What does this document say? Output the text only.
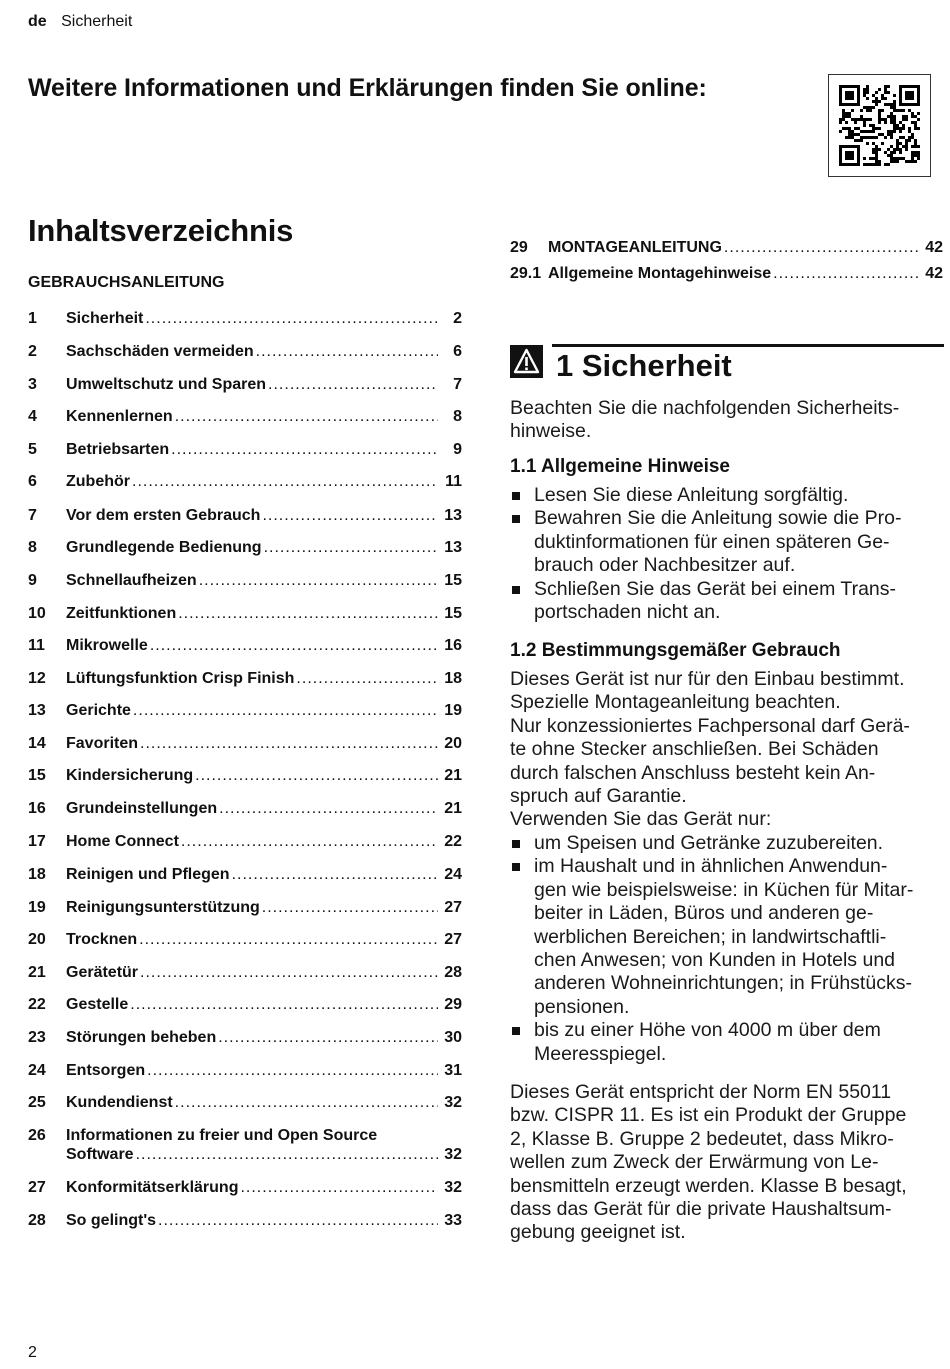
de Sicherheit
Weitere Informationen und Erklärungen finden Sie online:
Inhaltsverzeichnis
GEBRAUCHSANLEITUNG
1	Sicherheit .....	2
2	Sachschäden vermeiden .....	6
3	Umweltschutz und Sparen .....	7
4	Kennenlernen .....	8
5	Betriebsarten .....	9
6	Zubehör .....	11
7	Vor dem ersten Gebrauch .....	13
8	Grundlegende Bedienung .....	13
9	Schnellaufheizen .....	15
10	Zeitfunktionen .....	15
11	Mikrowelle .....	16
12	Lüftungsfunktion Crisp Finish .....	18
13	Gerichte .....	19
14	Favoriten .....	20
15	Kindersicherung .....	21
16	Grundeinstellungen .....	21
17	Home Connect .....	22
18	Reinigen und Pflegen .....	24
19	Reinigungsunterstützung .....	27
20	Trocknen .....	27
21	Gerätetür .....	28
22	Gestelle .....	29
23	Störungen beheben .....	30
24	Entsorgen .....	31
25	Kundendienst .....	32
26	Informationen zu freier und Open Source
Software .....	32
27	Konformitätserklärung .....	32
28	So gelingt's .....	33
29	MONTAGEANLEITUNG .....	42
29.1 Allgemeine Montagehinweise .....	42
1 Sicherheit
Beachten Sie die nachfolgenden Sicherheits-
hinweise.
1.1 Allgemeine Hinweise
Lesen Sie diese Anleitung sorgfältig.
Bewahren Sie die Anleitung sowie die Pro-
duktinformationen für einen späteren Ge-
brauch oder Nachbesitzer auf.
Schließen Sie das Gerät bei einem Trans-
portschaden nicht an.
1.2 Bestimmungsgemäßer Gebrauch
Dieses Gerät ist nur für den Einbau bestimmt.
Spezielle Montageanleitung beachten.
Nur konzessioniertes Fachpersonal darf Gerä-
te ohne Stecker anschließen. Bei Schäden
durch falschen Anschluss besteht kein An-
spruch auf Garantie.
Verwenden Sie das Gerät nur:
um Speisen und Getränke zuzubereiten.
im Haushalt und in ähnlichen Anwendun-
gen wie beispielsweise: in Küchen für Mitar-
beiter in Läden, Büros und anderen ge-
werblichen Bereichen; in landwirtschaftli-
chen Anwesen; von Kunden in Hotels und
anderen Wohneinrichtungen; in Frühstücks-
pensionen.
bis zu einer Höhe von 4000 m über dem
Meeresspiegel.
Dieses Gerät entspricht der Norm EN 55011
bzw. CISPR 11. Es ist ein Produkt der Gruppe
2, Klasse B. Gruppe 2 bedeutet, dass Mikro-
wellen zum Zweck der Erwärmung von Le-
bensmitteln erzeugt werden. Klasse B besagt,
dass das Gerät für die private Haushaltsum-
gebung geeignet ist.
2
